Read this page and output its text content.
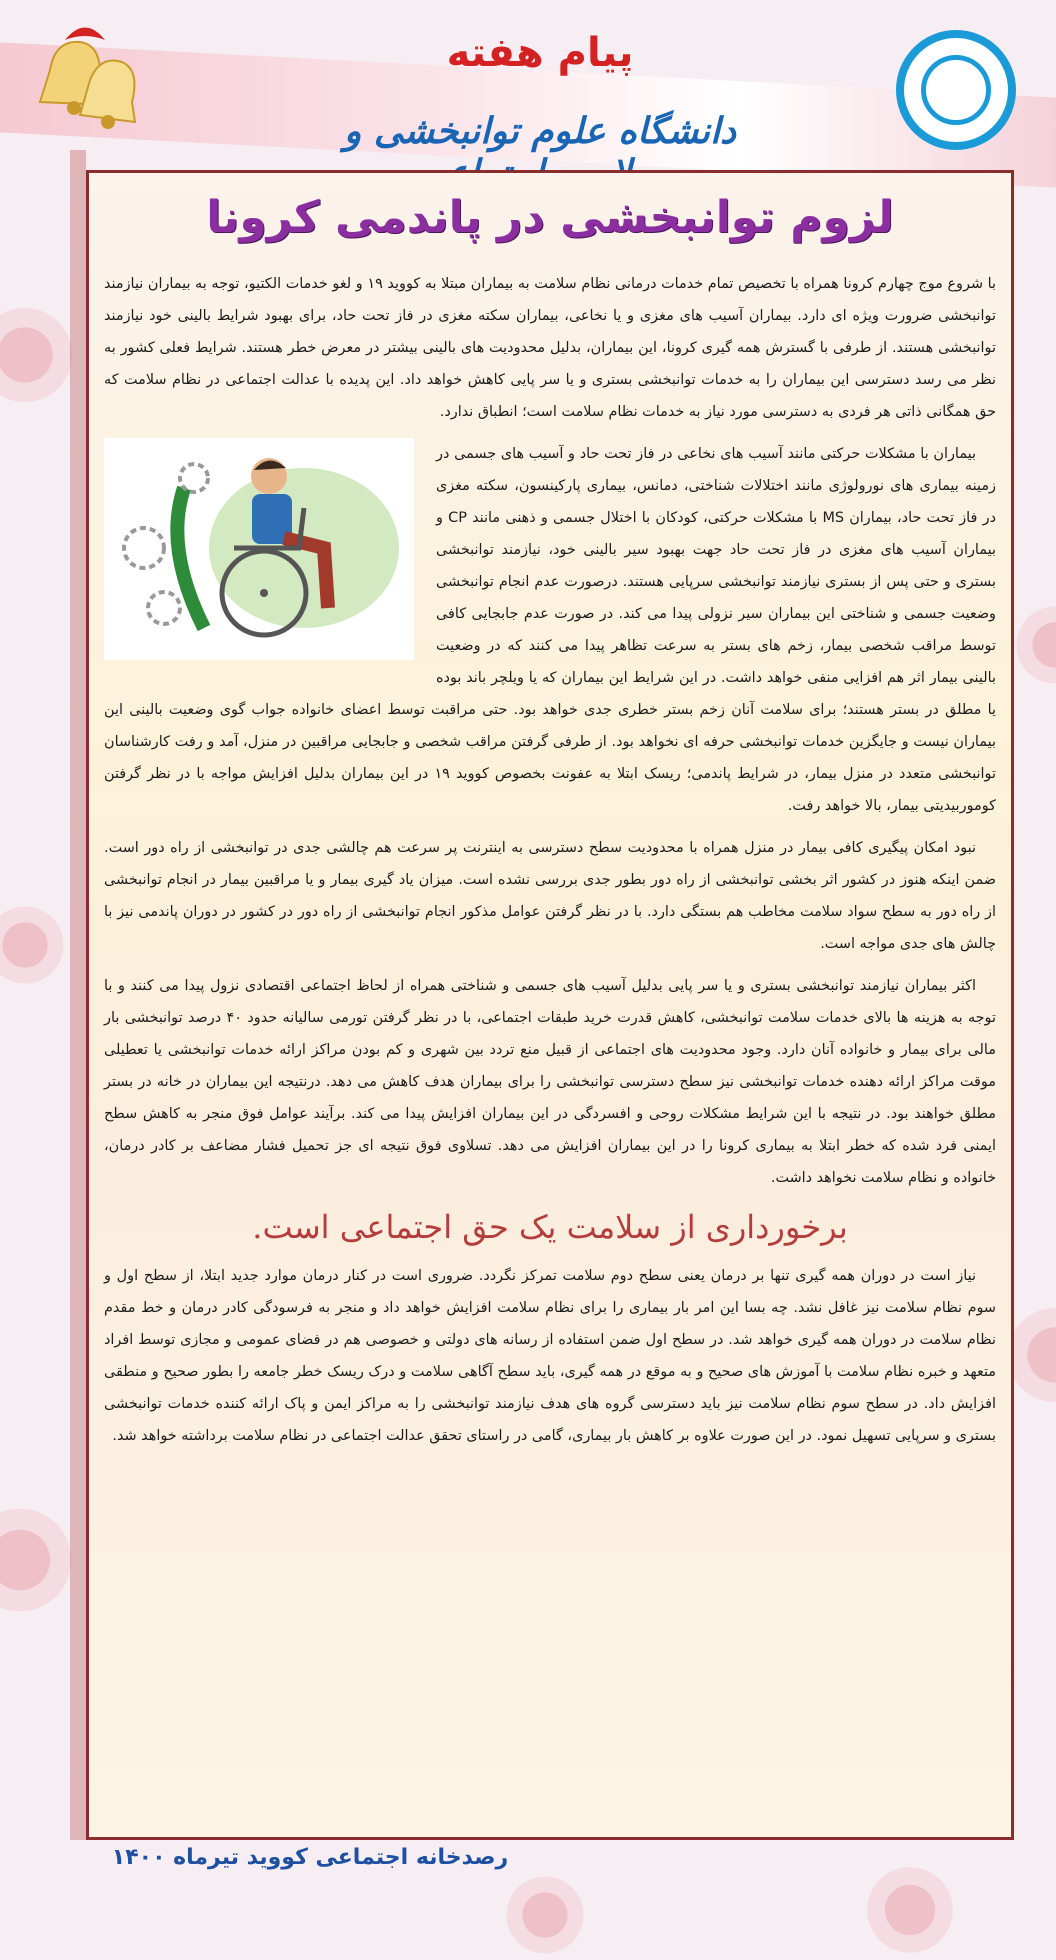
پیام هفته
دانشگاه علوم توانبخشی و
لزوم توانبخشی در پاندمی کرونا

با شروع موج چهارم کرونا همراه با تخصیص تمام خدمات درمانی نظام سلامت به بیماران مبتلا به کووید ۱۹ و لغو خدمات الکتیو، توجه به بیماران نیازمند توانبخشی ضرورت ویژه ای دارد. بیماران آسیب های مغزی و یا نخاعی، بیماران سکته مغزی در فاز تحت حاد، برای بهبود شرایط بالینی خود نیازمند توانبخشی هستند. از طرفی با گسترش همه گیری کرونا، این بیماران، بدلیل محدودیت های بالینی بیشتر در معرض خطر هستند. شرایط فعلی کشور به نظر می رسد دسترسی این بیماران را به خدمات توانبخشی بستری و یا سر پایی کاهش خواهد داد. این پدیده با عدالت اجتماعی در نظام سلامت که حق همگانی ذاتی هر فردی به دسترسی مورد نیاز به خدمات نظام سلامت است؛ انطباق ندارد.

بیماران با مشکلات حرکتی مانند آسیب های نخاعی در فاز تحت حاد و آسیب های جسمی در زمینه بیماری های نورولوژی مانند اختلالات شناختی، دمانس، بیماری پارکینسون، سکته مغزی در فاز تحت حاد، بیماران MS با مشکلات حرکتی، کودکان با اختلال جسمی و ذهنی مانند CP و بیماران آسیب های مغزی در فاز تحت حاد جهت بهبود سیر بالینی خود، نیازمند توانبخشی بستری و حتی پس از بستری نیازمند توانبخشی سرپایی هستند. درصورت عدم انجام توانبخشی وضعیت جسمی و شناختی این بیماران سیر نزولی پیدا می کند. در صورت عدم جابجایی کافی توسط مراقب شخصی بیمار، زخم های بستر به سرعت تظاهر پیدا می کنند که در وضعیت بالینی بیمار اثر هم افزایی منفی خواهد داشت. در این شرایط این بیماران که یا ویلچر باند بوده یا مطلق در بستر هستند؛ برای سلامت آنان زخم بستر خطری جدی خواهد بود. حتی مراقبت توسط اعضای خانواده جواب گوی وضعیت بالینی این بیماران نیست و جایگزین خدمات توانبخشی حرفه ای نخواهد بود. از طرفی گرفتن مراقب شخصی و جابجایی مراقبین در منزل، آمد و رفت کارشناسان توانبخشی متعدد در منزل بیمار، در شرایط پاندمی؛ ریسک ابتلا به عفونت بخصوص کووید ۱۹ در این بیماران بدلیل افزایش مواجه با در نظر گرفتن کوموربیدیتی بیمار، بالا خواهد رفت.

نبود امکان پیگیری کافی بیمار در منزل همراه با محدودیت سطح دسترسی به اینترنت پر سرعت هم چالشی جدی در توانبخشی از راه دور است. ضمن اینکه هنوز در کشور اثر بخشی توانبخشی از راه دور بطور جدی بررسی نشده است. میزان یاد گیری بیمار و یا مراقبین بیمار در انجام توانبخشی از راه دور به سطح سواد سلامت مخاطب هم بستگی دارد. با در نظر گرفتن عوامل مذکور انجام توانبخشی از راه دور در کشور در دوران پاندمی نیز با چالش های جدی مواجه است.

اکثر بیماران نیازمند توانبخشی بستری و یا سر پایی بدلیل آسیب های جسمی و شناختی همراه از لحاظ اجتماعی اقتصادی نزول پیدا می کنند و با توجه به هزینه ها بالای خدمات سلامت توانبخشی، کاهش قدرت خرید طبقات اجتماعی، با در نظر گرفتن تورمی سالیانه حدود ۴۰ درصد توانبخشی بار مالی برای بیمار و خانواده آنان دارد. وجود محدودیت های اجتماعی از قبیل منع تردد بین شهری و کم بودن مراکز ارائه خدمات توانبخشی یا تعطیلی موقت مراکز ارائه دهنده خدمات توانبخشی نیز سطح دسترسی توانبخشی را برای بیماران هدف کاهش می دهد. درنتیجه این بیماران در خانه در بستر مطلق خواهند بود. در نتیجه با این شرایط مشکلات روحی و افسردگی در این بیماران افزایش پیدا می کند. برآیند عوامل فوق منجر به کاهش سطح ایمنی فرد شده که خطر ابتلا به بیماری کرونا را در این بیماران افزایش می دهد. تسلاوی فوق نتیجه ای جز تحمیل فشار مضاعف بر کادر درمان، خانواده و نظام سلامت نخواهد داشت.

برخورداری از سلامت یک حق اجتماعی است.

نیاز است در دوران همه گیری تنها بر درمان یعنی سطح دوم سلامت تمرکز نگردد. ضروری است در کنار درمان موارد جدید ابتلا، از سطح اول و سوم نظام سلامت نیز غافل نشد. چه بسا این امر بار بیماری را برای نظام سلامت افزایش خواهد داد و منجر به فرسودگی کادر درمان و خط مقدم نظام سلامت در دوران همه گیری خواهد شد. در سطح اول ضمن استفاده از رسانه های دولتی و خصوصی هم در فضای عمومی و مجازی توسط افراد متعهد و خبره نظام سلامت با آموزش های صحیح و به موقع در همه گیری، باید سطح آگاهی سلامت و درک ریسک خطر جامعه را بطور صحیح و منطقی افزایش داد. در سطح سوم نظام سلامت نیز باید دسترسی گروه های هدف نیازمند توانبخشی را به مراکز ایمن و پاک ارائه کننده خدمات توانبخشی بستری و سرپایی تسهیل نمود. در این صورت علاوه بر کاهش بار بیماری، گامی در راستای تحقق عدالت اجتماعی در نظام سلامت برداشته خواهد شد.

رصدخانه اجتماعی کووید تیرماه ۱۴۰۰
